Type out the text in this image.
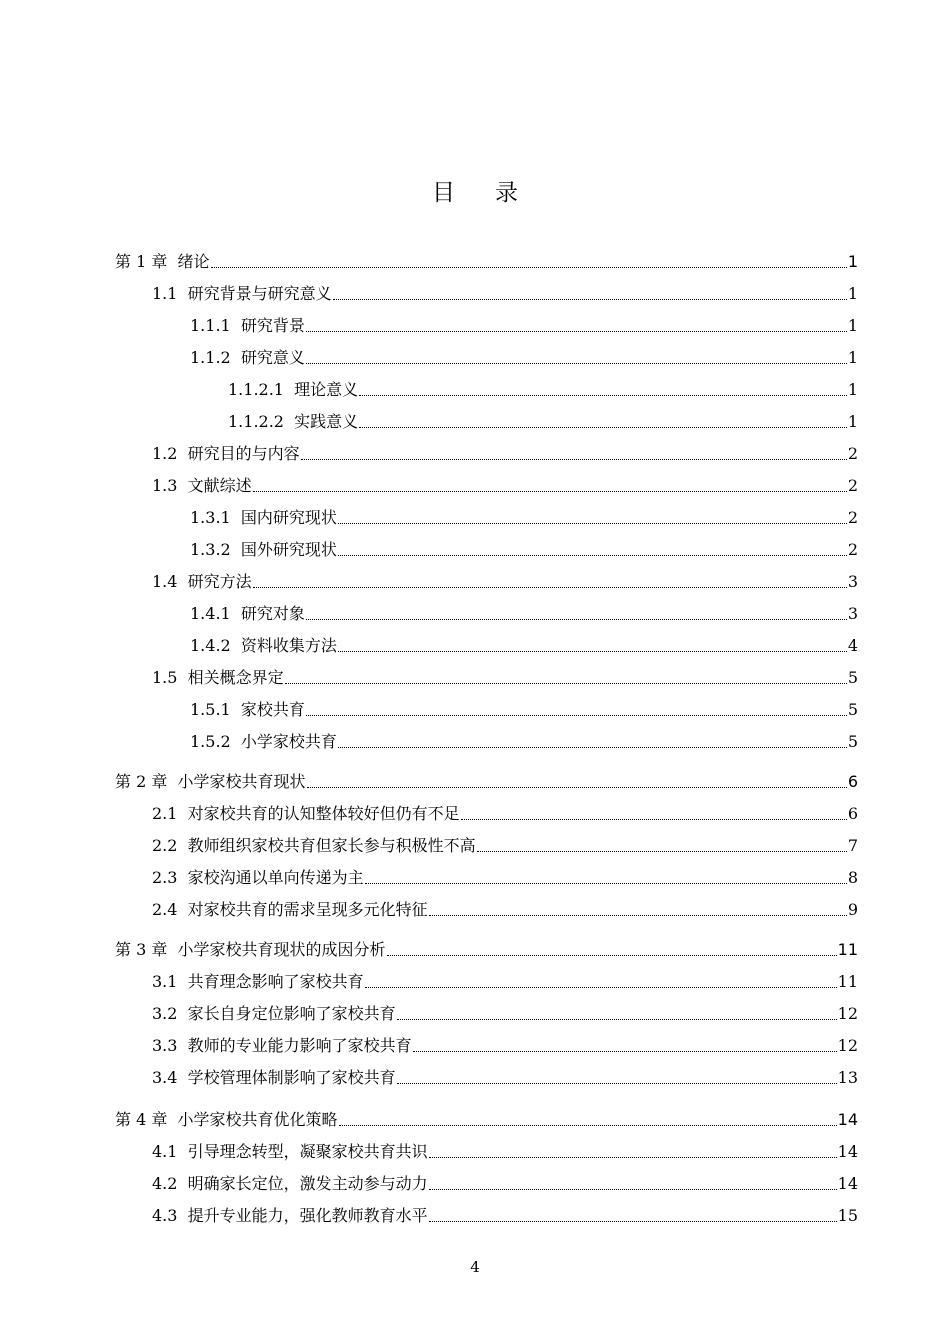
目 录
第 1 章 绪论	1
1.1 研究背景与研究意义	1
1.1.1 研究背景	1
1.1.2 研究意义	1
1.1.2.1 理论意义	1
1.1.2.2 实践意义	1
1.2 研究目的与内容	2
1.3 文献综述	2
1.3.1 国内研究现状	2
1.3.2 国外研究现状	2
1.4 研究方法	3
1.4.1 研究对象	3
1.4.2 资料收集方法	4
1.5 相关概念界定	5
1.5.1 家校共育	5
1.5.2 小学家校共育	5
第 2 章 小学家校共育现状	6
2.1 对家校共育的认知整体较好但仍有不足	6
2.2 教师组织家校共育但家长参与积极性不高	7
2.3 家校沟通以单向传递为主	8
2.4 对家校共育的需求呈现多元化特征	9
第 3 章 小学家校共育现状的成因分析	11
3.1 共育理念影响了家校共育	11
3.2 家长自身定位影响了家校共育	12
3.3 教师的专业能力影响了家校共育	12
3.4 学校管理体制影响了家校共育	13
第 4 章 小学家校共育优化策略	14
4.1 引导理念转型，凝聚家校共育共识	14
4.2 明确家长定位，激发主动参与动力	14
4.3 提升专业能力，强化教师教育水平	15
4
